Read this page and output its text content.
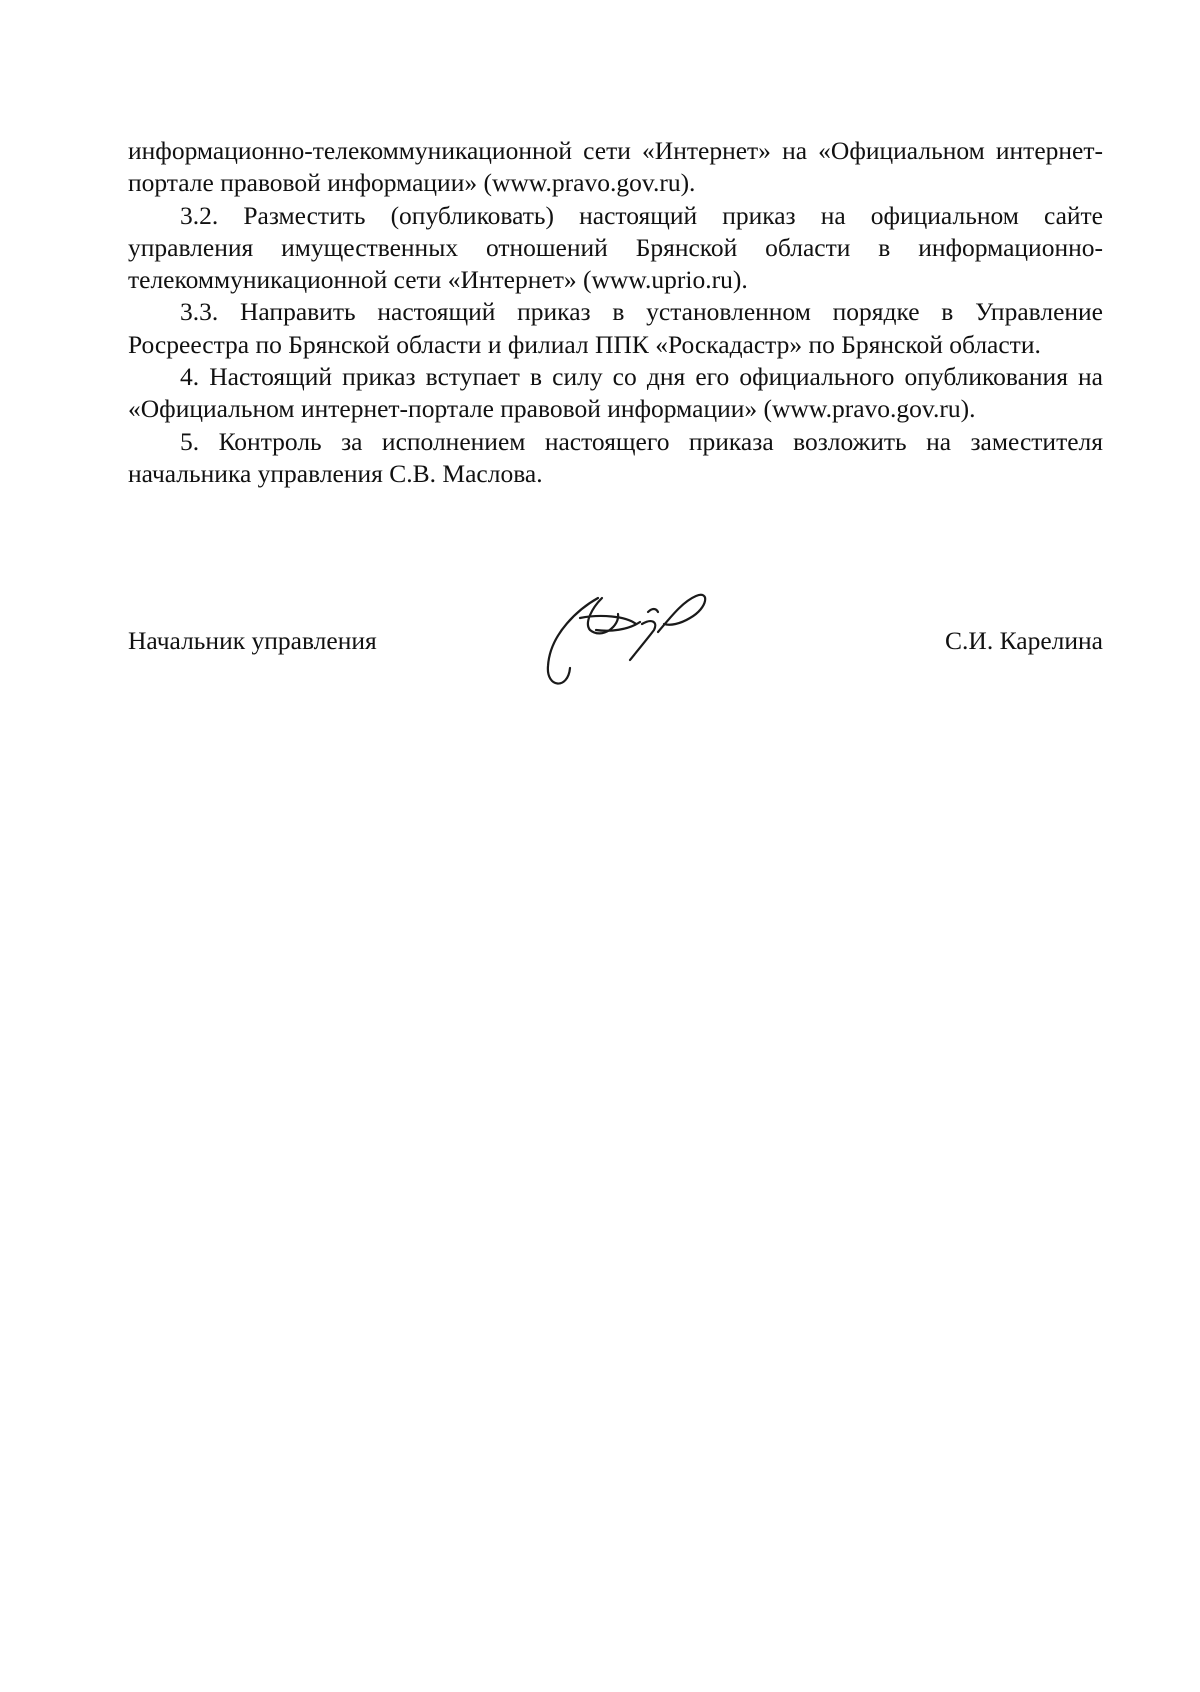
информационно-телекоммуникационной сети «Интернет» на «Официальном интернет-портале правовой информации» (www.pravo.gov.ru).

3.2. Разместить (опубликовать) настоящий приказ на официальном сайте управления имущественных отношений Брянской области в информационно-телекоммуникационной сети «Интернет» (www.uprio.ru).

3.3. Направить настоящий приказ в установленном порядке в Управление Росреестра по Брянской области и филиал ППК «Роскадастр» по Брянской области.

4. Настоящий приказ вступает в силу со дня его официального опубликования на «Официальном интернет-портале правовой информации» (www.pravo.gov.ru).

5. Контроль за исполнением настоящего приказа возложить на заместителя начальника управления С.В. Маслова.

Начальник управления	С.И. Карелина
